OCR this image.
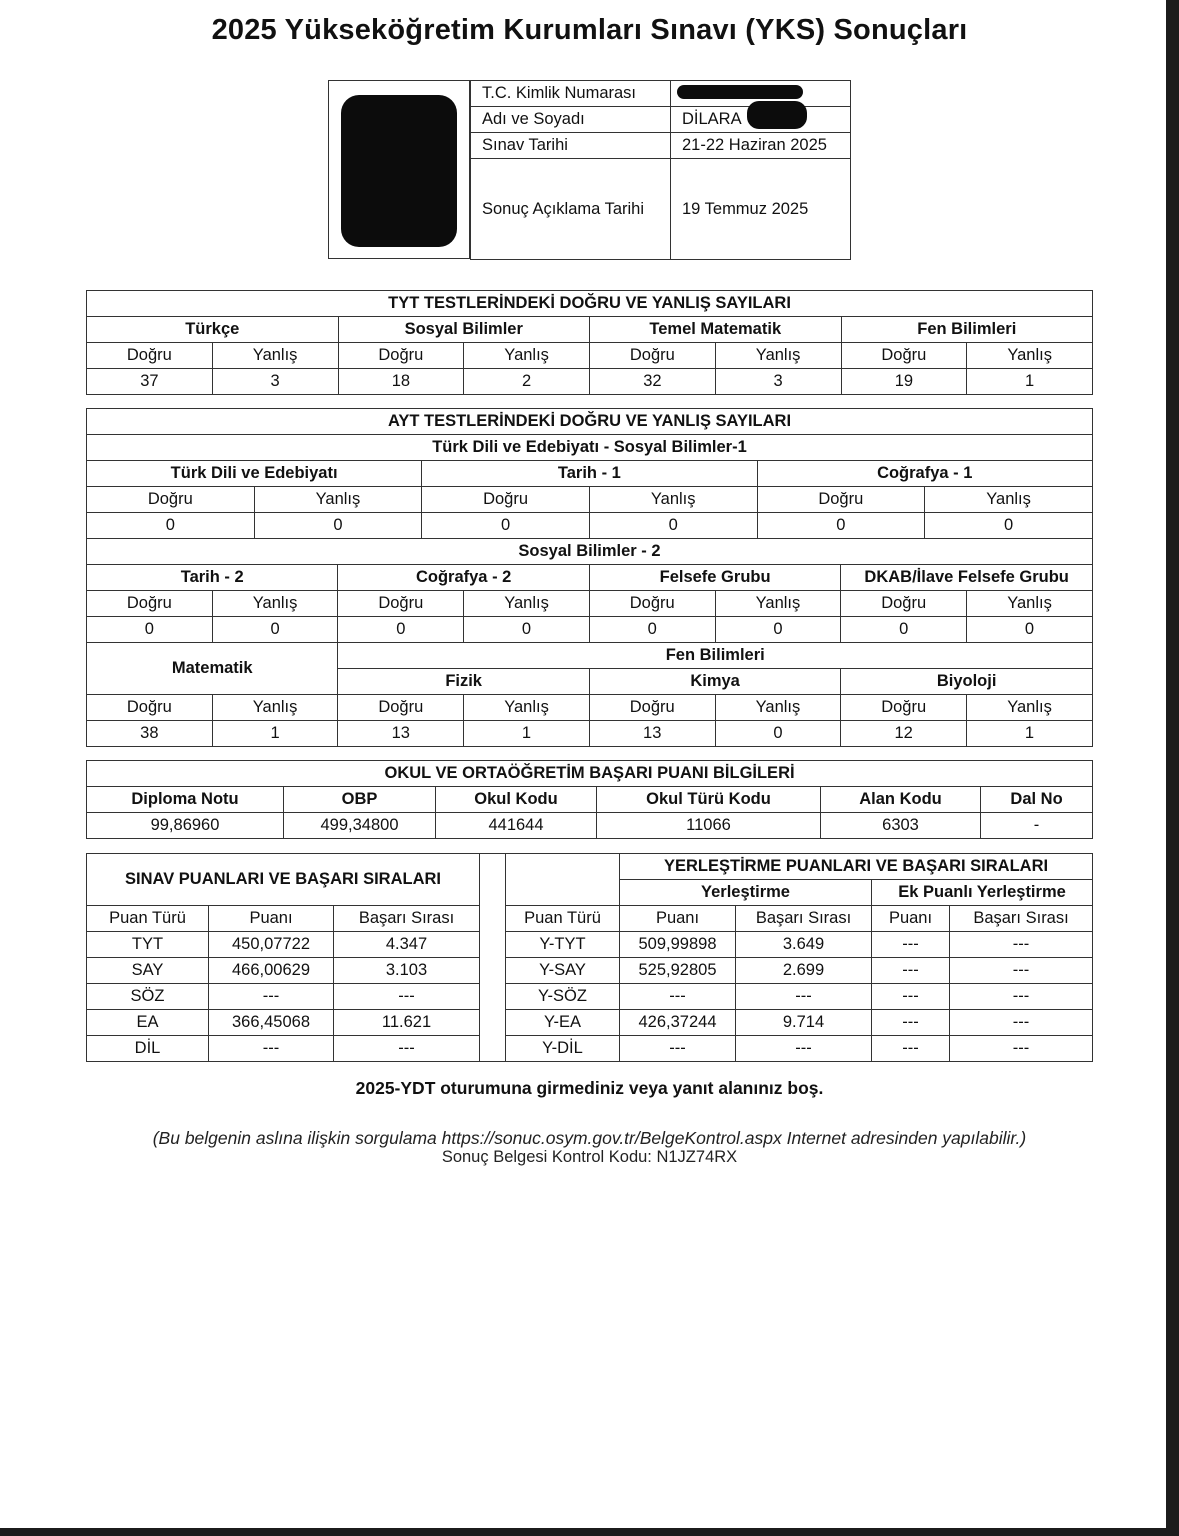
2025 Yükseköğretim Kurumları Sınavı (YKS) Sonuçları
T.C. Kimlik Numarası	

Adı ve Soyadı	DİLARA

Sınav Tarihi	21-22 Haziran 2025
Sonuç Açıklama Tarihi	19 Temmuz 2025
TYT TESTLERİNDEKİ DOĞRU VE YANLIŞ SAYILARI							
Türkçe		Sosyal Bilimler		Temel Matematik		Fen Bilimleri	
Doğru	Yanlış	Doğru	Yanlış	Doğru	Yanlış	Doğru	Yanlış
37	3	18	2	32	3	19	1
AYT TESTLERİNDEKİ DOĞRU VE YANLIŞ SAYILARI											
Türk Dili ve Edebiyatı - Sosyal Bilimler-1											
Türk Dili ve Edebiyatı				Tarih - 1				Coğrafya - 1			
Doğru		Yanlış		Doğru		Yanlış		Doğru		Yanlış	
0		0		0		0		0		0	
Sosyal Bilimler - 2											
Tarih - 2			Coğrafya - 2			Felsefe Grubu			DKAB/İlave Felsefe Grubu		
Doğru	Yanlış		Doğru		Yanlış	Doğru	Yanlış		Doğru		Yanlış
0	0		0		0	0	0		0		0
Matematik			Fen Bilimleri								
			Fizik			Kimya			Biyoloji		
Doğru	Yanlış		Doğru		Yanlış	Doğru	Yanlış		Doğru		Yanlış
38	1		13		1	13	0		12		1
OKUL VE ORTAÖĞRETİM BAŞARI PUANI BİLGİLERİ					
Diploma Notu	OBP	Okul Kodu	Okul Türü Kodu	Alan Kodu	Dal No
99,86960	499,34800	441644	11066	6303	-
SINAV PUANLARI VE BAŞARI SIRALARI					YERLEŞTİRME PUANLARI VE BAŞARI SIRALARI			
					Yerleştirme		Ek Puanlı Yerleştirme	
Puan Türü	Puanı	Başarı Sırası		Puan Türü	Puanı	Başarı Sırası	Puanı	Başarı Sırası
TYT	450,07722	4.347		Y-TYT	509,99898	3.649	---	---
SAY	466,00629	3.103		Y-SAY	525,92805	2.699	---	---
SÖZ	---	---		Y-SÖZ	---	---	---	---
EA	366,45068	11.621		Y-EA	426,37244	9.714	---	---
DİL	---	---		Y-DİL	---	---	---	---
2025-YDT oturumuna girmediniz veya yanıt alanınız boş.
(Bu belgenin aslına ilişkin sorgulama https://sonuc.osym.gov.tr/BelgeKontrol.aspx Internet adresinden yapılabilir.)
Sonuç Belgesi Kontrol Kodu: N1JZ74RX
